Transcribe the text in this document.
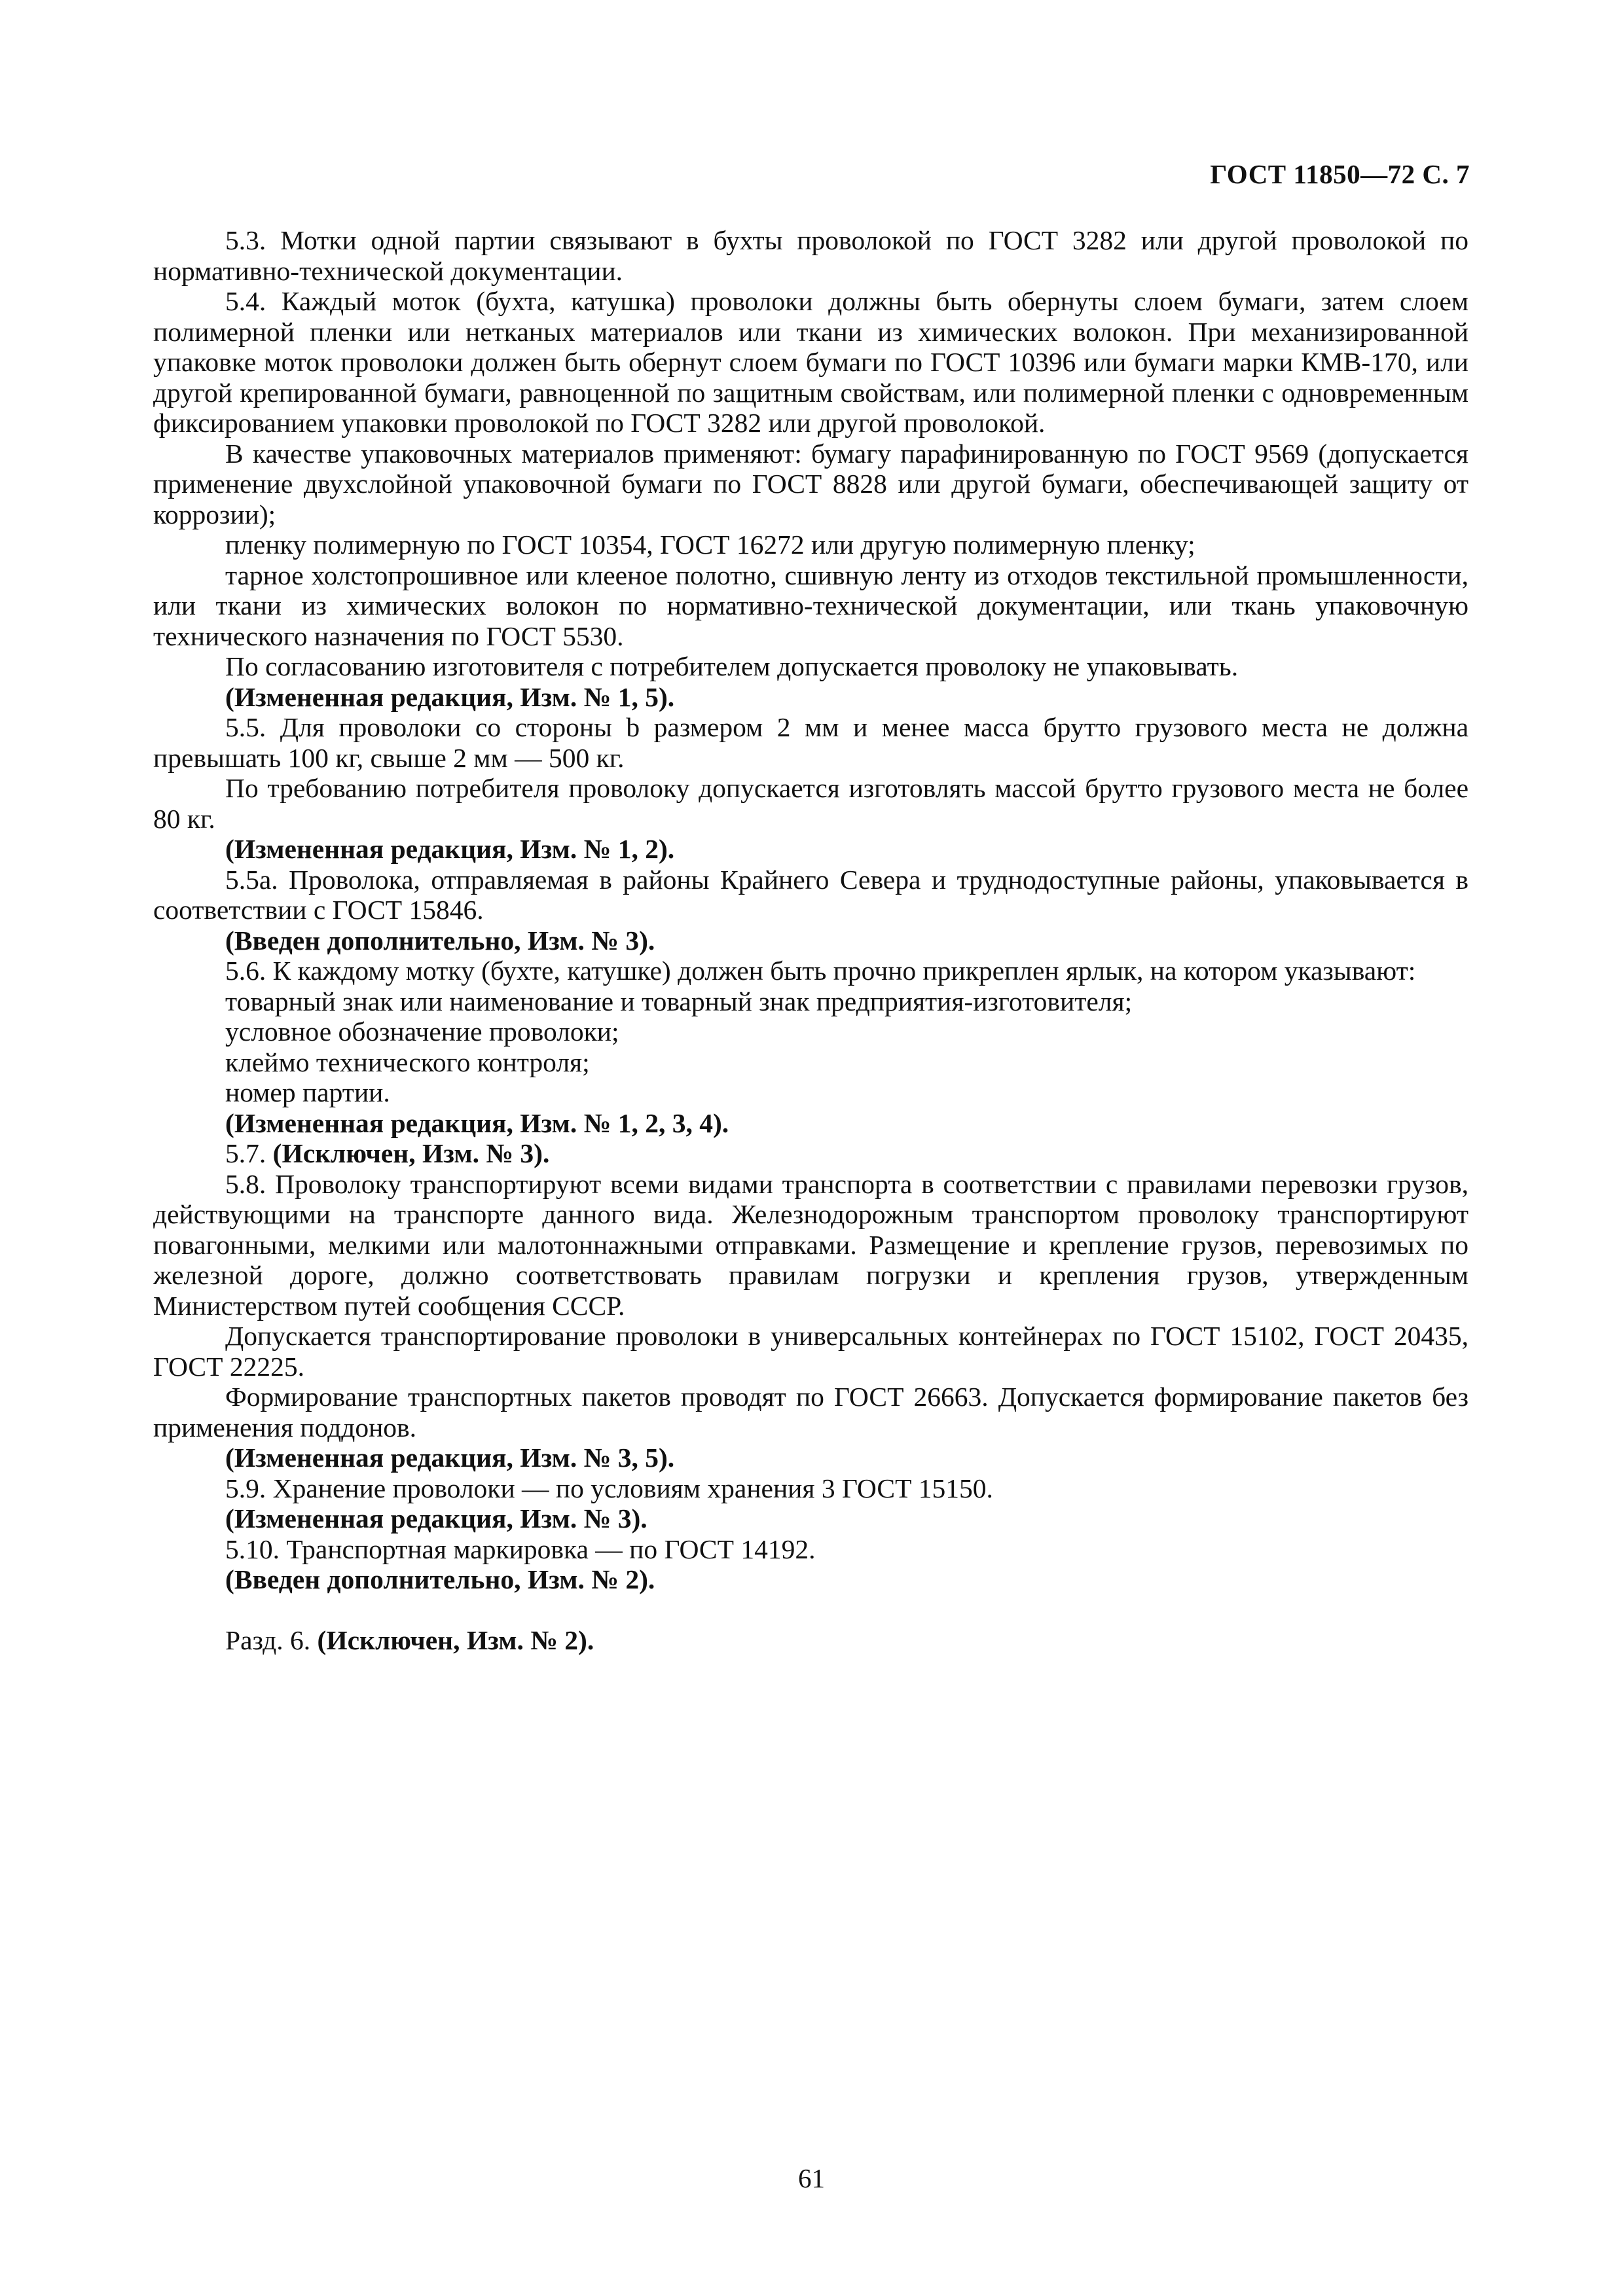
ГОСТ 11850—72 С. 7

5.3. Мотки одной партии связывают в бухты проволокой по ГОСТ 3282 или другой проволокой по нормативно-технической документации.

5.4. Каждый моток (бухта, катушка) проволоки должны быть обернуты слоем бумаги, затем слоем полимерной пленки или нетканых материалов или ткани из химических волокон. При механизированной упаковке моток проволоки должен быть обернут слоем бумаги по ГОСТ 10396 или бумаги марки КМВ-170, или другой крепированной бумаги, равноценной по защитным свойствам, или полимерной пленки с одновременным фиксированием упаковки проволокой по ГОСТ 3282 или другой проволокой.

В качестве упаковочных материалов применяют: бумагу парафинированную по ГОСТ 9569 (допускается применение двухслойной упаковочной бумаги по ГОСТ 8828 или другой бумаги, обеспечивающей защиту от коррозии);

пленку полимерную по ГОСТ 10354, ГОСТ 16272 или другую полимерную пленку;

тарное холстопрошивное или клееное полотно, сшивную ленту из отходов текстильной промышленности, или ткани из химических волокон по нормативно-технической документации, или ткань упаковочную технического назначения по ГОСТ 5530.

По согласованию изготовителя с потребителем допускается проволоку не упаковывать.

(Измененная редакция, Изм. № 1, 5).

5.5. Для проволоки со стороны b размером 2 мм и менее масса брутто грузового места не должна превышать 100 кг, свыше 2 мм — 500 кг.

По требованию потребителя проволоку допускается изготовлять массой брутто грузового места не более 80 кг.

(Измененная редакция, Изм. № 1, 2).

5.5а. Проволока, отправляемая в районы Крайнего Севера и труднодоступные районы, упаковывается в соответствии с ГОСТ 15846.

(Введен дополнительно, Изм. № 3).

5.6. К каждому мотку (бухте, катушке) должен быть прочно прикреплен ярлык, на котором указывают:

товарный знак или наименование и товарный знак предприятия-изготовителя;

условное обозначение проволоки;

клеймо технического контроля;

номер партии.

(Измененная редакция, Изм. № 1, 2, 3, 4).

5.7. (Исключен, Изм. № 3).

5.8. Проволоку транспортируют всеми видами транспорта в соответствии с правилами перевозки грузов, действующими на транспорте данного вида. Железнодорожным транспортом проволоку транспортируют повагонными, мелкими или малотоннажными отправками. Размещение и крепление грузов, перевозимых по железной дороге, должно соответствовать правилам погрузки и крепления грузов, утвержденным Министерством путей сообщения СССР.

Допускается транспортирование проволоки в универсальных контейнерах по ГОСТ 15102, ГОСТ 20435, ГОСТ 22225.

Формирование транспортных пакетов проводят по ГОСТ 26663. Допускается формирование пакетов без применения поддонов.

(Измененная редакция, Изм. № 3, 5).

5.9. Хранение проволоки — по условиям хранения 3 ГОСТ 15150.

(Измененная редакция, Изм. № 3).

5.10. Транспортная маркировка — по ГОСТ 14192.

(Введен дополнительно, Изм. № 2).

Разд. 6. (Исключен, Изм. № 2).

61
